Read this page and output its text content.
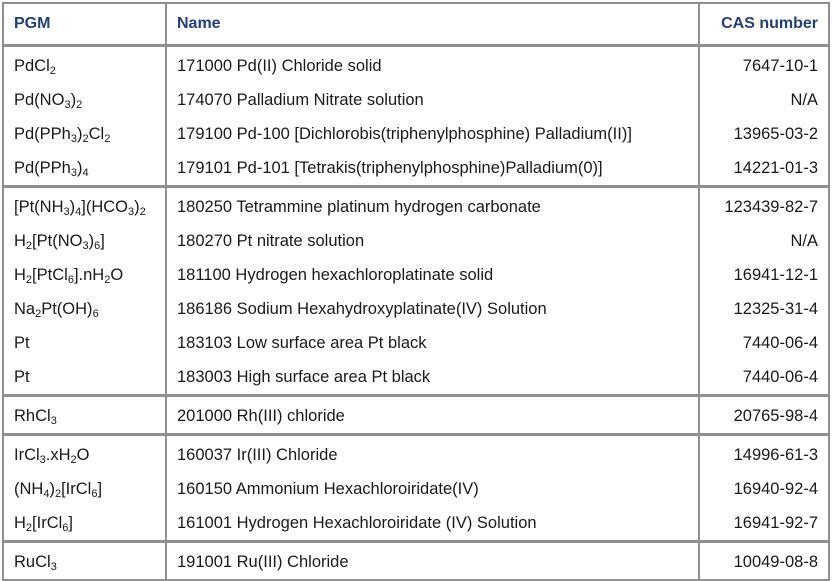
PGM	Name	CAS number
PdCl$_2$	171000 Pd(II) Chloride solid	7647-10-1
$Pd(NO_3)_2$	174070 Palladium Nitrate solution	N/A
$Pd(PPh_3)_2Cl_2$	179100 Pd-100 [Dichlorobis(triphenylphosphine) Palladium(II)]	13965-03-2
$Pd(PPh_3)_4$	179101 Pd-101 [Tetrakis(triphenylphosphine)Palladium(0)]	14221-01-3
$[Pt(NH_3)_4](HCO_3)_2$	180250 Tetrammine platinum hydrogen carbonate	123439-82-7
$H_2[Pt(NO_3)_6]$	180270 Pt nitrate solution	N/A
$H_2[PtCl_6].nH_2O$	181100 Hydrogen hexachloroplatinate solid	16941-12-1
$Na_2Pt(OH)_6$	186186 Sodium Hexahydroxyplatinate(IV) Solution	12325-31-4
Pt	183103 Low surface area Pt black	7440-06-4
Pt	183003 High surface area Pt black	7440-06-4
RhCl$_3$	201000 Rh(III) chloride	20765-98-4
$IrCl_3.xH_2O$	160037 Ir(III) Chloride	14996-61-3
$(NH_4)_2[IrCl_6]$	160150 Ammonium Hexachloroiridate(IV)	16940-92-4
$H_2[IrCl_6]$	161001 Hydrogen Hexachloroiridate (IV) Solution	16941-92-7
RuCl$_3$	191001 Ru(III) Chloride	10049-08-8
